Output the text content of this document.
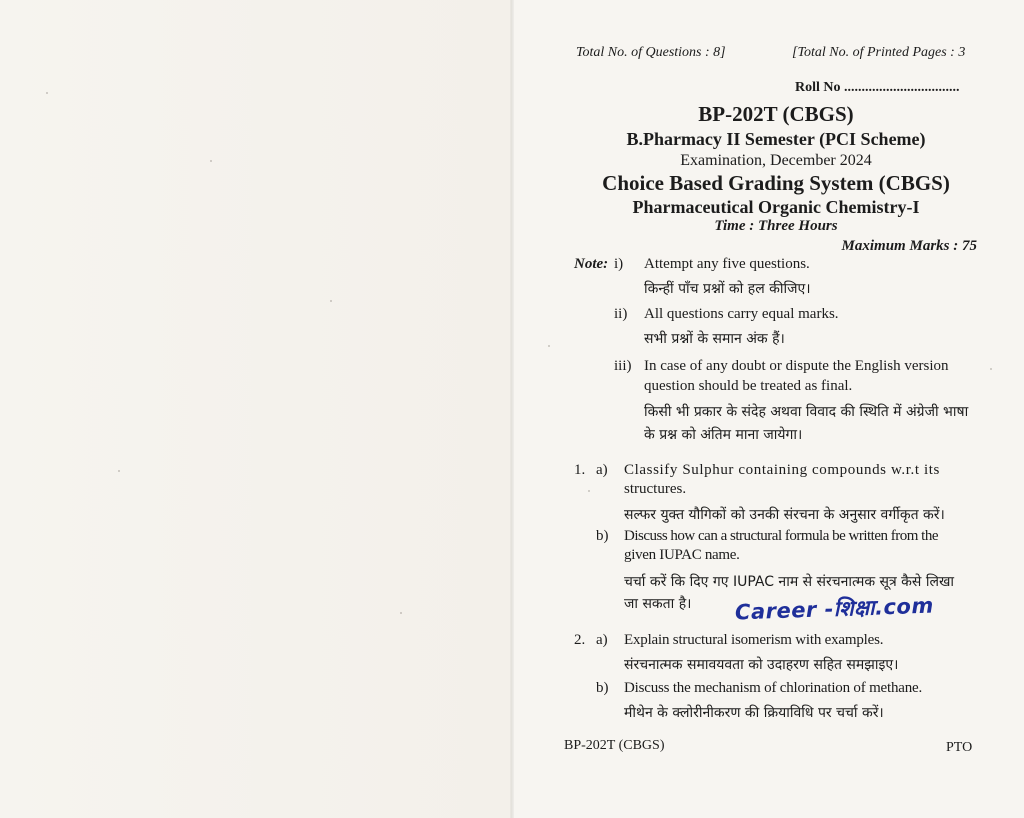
Total No. of Questions : 8]	[Total No. of Printed Pages : 3
Roll No .................................
BP-202T (CBGS)
B.Pharmacy II Semester (PCI Scheme)
Examination, December 2024
Choice Based Grading System (CBGS)
Pharmaceutical Organic Chemistry-I
Time : Three Hours
Maximum Marks : 75
Note: i) Attempt any five questions.
किन्हीं पाँच प्रश्नों को हल कीजिए।
ii) All questions carry equal marks.
सभी प्रश्नों के समान अंक हैं।
iii) In case of any doubt or dispute the English version
question should be treated as final.
किसी भी प्रकार के संदेह अथवा विवाद की स्थिति में अंग्रेजी भाषा
के प्रश्न को अंतिम माना जायेगा।
1. a) Classify Sulphur containing compounds w.r.t its
structures.
सल्फर युक्त यौगिकों को उनकी संरचना के अनुसार वर्गीकृत करें।
b) Discuss how can a structural formula be written from the
given IUPAC name.
चर्चा करें कि दिए गए IUPAC नाम से संरचनात्मक सूत्र कैसे लिखा
जा सकता है। Career -शिक्षा.com
2. a) Explain structural isomerism with examples.
संरचनात्मक समावयवता को उदाहरण सहित समझाइए।
b) Discuss the mechanism of chlorination of methane.
मीथेन के क्लोरीनीकरण की क्रियाविधि पर चर्चा करें।
BP-202T (CBGS)	PTO
